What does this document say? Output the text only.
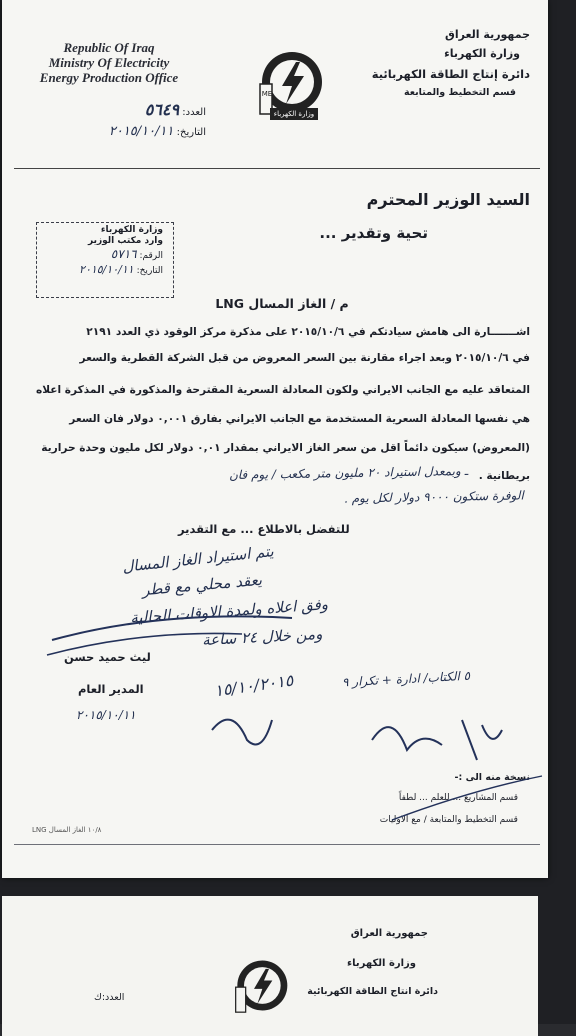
Republic Of Iraq
Ministry Of Electricity
Energy Production Office
ME
وزارة الكهرباء
جمهورية العراق
وزارة الكهرباء
دائرة إنتاج الطاقة الكهربائية
قسم التخطيط والمتابعة
العدد: ٥٦٤٩
التاريخ: ٢٠١٥/١٠/١١
السيد الوزير المحترم
تحية وتقدير ...
وزارة الكهرباء
وارد مكتب الوزير
الرقم: ٥٧١٦
التاريخ: ٢٠١٥/١٠/١١
م / الغاز المسال LNG
اشـــــــارة الى هامش سيادتكم في ٢٠١٥/١٠/٦ على مذكرة مركز الوقود ذي العدد ٢١٩١
في ٢٠١٥/١٠/٦ وبعد اجراء مقارنة بين السعر المعروض من قبل الشركة القطرية والسعر
المتعاقد عليه مع الجانب الايراني ولكون المعادلة السعرية المقترحة والمذكورة في المذكرة اعلاه
هي نفسها المعادلة السعرية المستخدمة مع الجانب الايراني بفارق ٠,٠٠١ دولار فان السعر
(المعروض) سيكون دائماً اقل من سعر الغاز الايراني بمقدار ٠,٠١ دولار لكل مليون وحدة حرارية
بريطانية .
ـ وبمعدل استيراد ٢٠ مليون متر مكعب / يوم فان
الوفرة ستكون ٩٠٠٠ دولار لكل يوم .
للتفضل بالاطلاع ... مع التقدير
يتم استيراد الغاز المسال
يعقد محلي مع قطر
وفق اعلاه ولمدة الاوقات الحالية
ومن خلال ٢٤ ساعة
ليث حميد حسن
المدير العام
٢٠١٥/١٠/١١
١٥/١٠/٢٠١٥	٥ الكتاب/ ادارة + تكرار ٩
نسخة منه الى :-
قسم المشاريع ... للعلم ... لطفاً
قسم التخطيط والمتابعة / مع الاوليات
١٠/٨ الغاز المسال LNG
جمهورية العراق
وزارة الكهرباء
دائرة انتاج الطاقة الكهربائية
العدد:ك
